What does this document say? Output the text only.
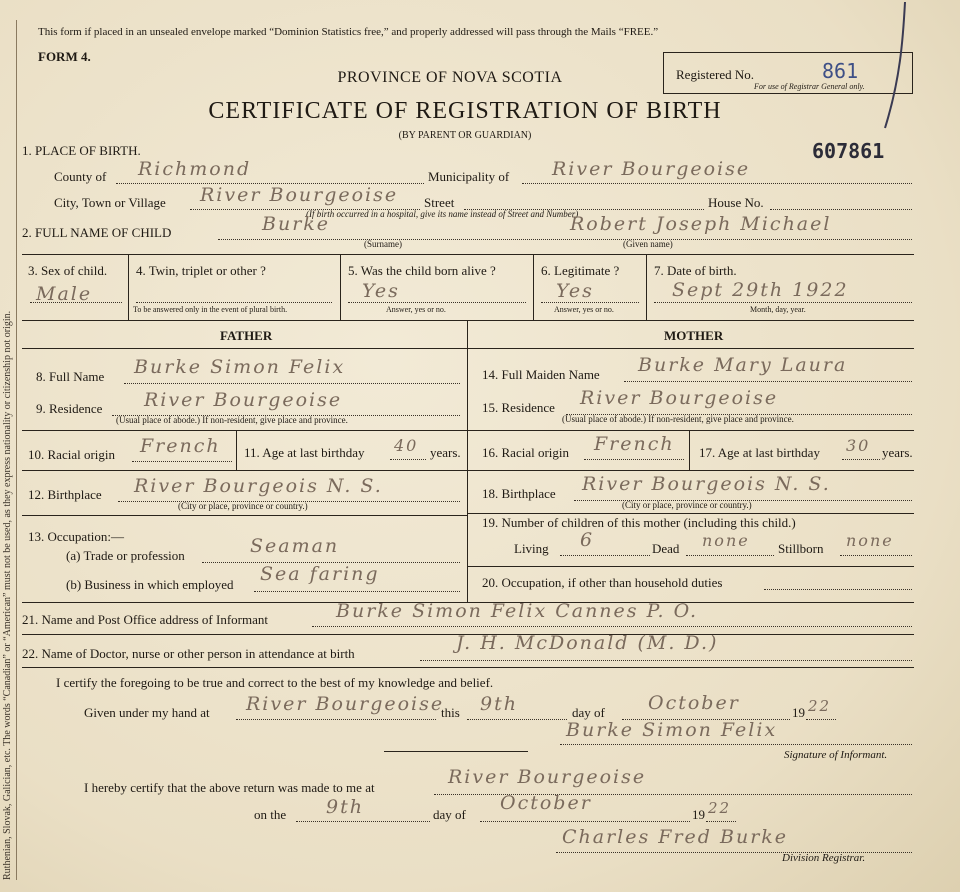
This form if placed in an unsealed envelope marked “Dominion Statistics free,” and properly addressed will pass through the Mails “FREE.”
Ruthenian, Slovak, Galician, etc. The words “Canadian” or “American” must not be used, as they express nationality or citizenship not origin.
FORM 4.
PROVINCE OF NOVA SCOTIA
CERTIFICATE OF REGISTRATION OF BIRTH
(BY PARENT OR GUARDIAN)
Registered No.	861
For use of Registrar General only.
607861
1. PLACE OF BIRTH.
County of Richmond	Municipality of River Bourgeoise
City, Town or Village River Bourgeoise Street	House No.
(If birth occurred in a hospital, give its name instead of Street and Number)
2. FULL NAME OF CHILD	Burke
(Surname)
Robert Joseph Michael
(Given name)
3. Sex of child.
Male
4. Twin, triplet or other ?
To be answered only in the event of plural birth.
5. Was the child born alive ?
Yes
Answer, yes or no.
6. Legitimate ?
Yes
Answer, yes or no.
7. Date of birth.
Sept 29th 1922
Month, day, year.
FATHER	MOTHER
8. Full Name Burke Simon Felix
9. Residence River Bourgeoise
(Usual place of abode.) If non-resident, give place and province.
10. Racial origin French 11. Age at last birthday 40 years.
12. Birthplace River Bourgeois N. S.
(City or place, province or country.)
13. Occupation:—
(a) Trade or profession	Seaman
(b) Business in which employed Sea faring
14. Full Maiden Name Burke Mary Laura
15. Residence River Bourgeoise
(Usual place of abode.) If non-resident, give place and province.
16. Racial origin French 17. Age at last birthday 30 years.
18. Birthplace River Bourgeois N. S.
(City or place, province or country.)
19. Number of children of this mother (including this child.)
Living 6	Dead none Stillborn none
20. Occupation, if other than household duties
21. Name and Post Office address of Informant	Burke Simon Felix Cannes P. O.
22. Name of Doctor, nurse or other person in attendance at birth	J. H. McDonald (M. D.)
I certify the foregoing to be true and correct to the best of my knowledge and belief.
Given under my hand at River Bourgeoise
this 9th	day of October	19 22
Burke Simon Felix
Signature of Informant.
I hereby certify that the above return was made to me at	River Bourgeoise
on the 9th	day of
October
19 22
Charles Fred Burke
Division Registrar.
